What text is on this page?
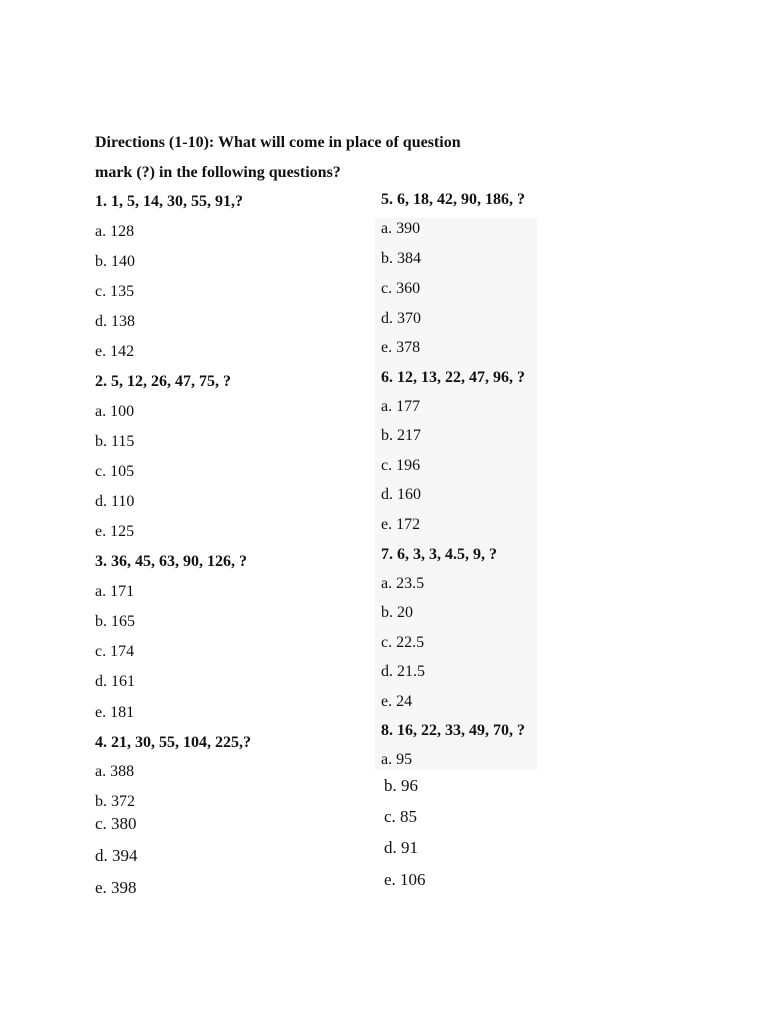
Directions (1-10): What will come in place of question
mark (?) in the following questions?
1. 1, 5, 14, 30, 55, 91,?
a. 128
b. 140
c. 135
d. 138
e. 142
2. 5, 12, 26, 47, 75, ?
a. 100
b. 115
c. 105
d. 110
e. 125
3. 36, 45, 63, 90, 126, ?
a. 171
b. 165
c. 174
d. 161
e. 181
4. 21, 30, 55, 104, 225,?
a. 388
b. 372
c. 380
d. 394
e. 398
5. 6, 18, 42, 90, 186, ?
a. 390
b. 384
c. 360
d. 370
e. 378
6. 12, 13, 22, 47, 96, ?
a. 177
b. 217
c. 196
d. 160
e. 172
7. 6, 3, 3, 4.5, 9, ?
a. 23.5
b. 20
c. 22.5
d. 21.5
e. 24
8. 16, 22, 33, 49, 70, ?
a. 95
b. 96
c. 85
d. 91
e. 106
